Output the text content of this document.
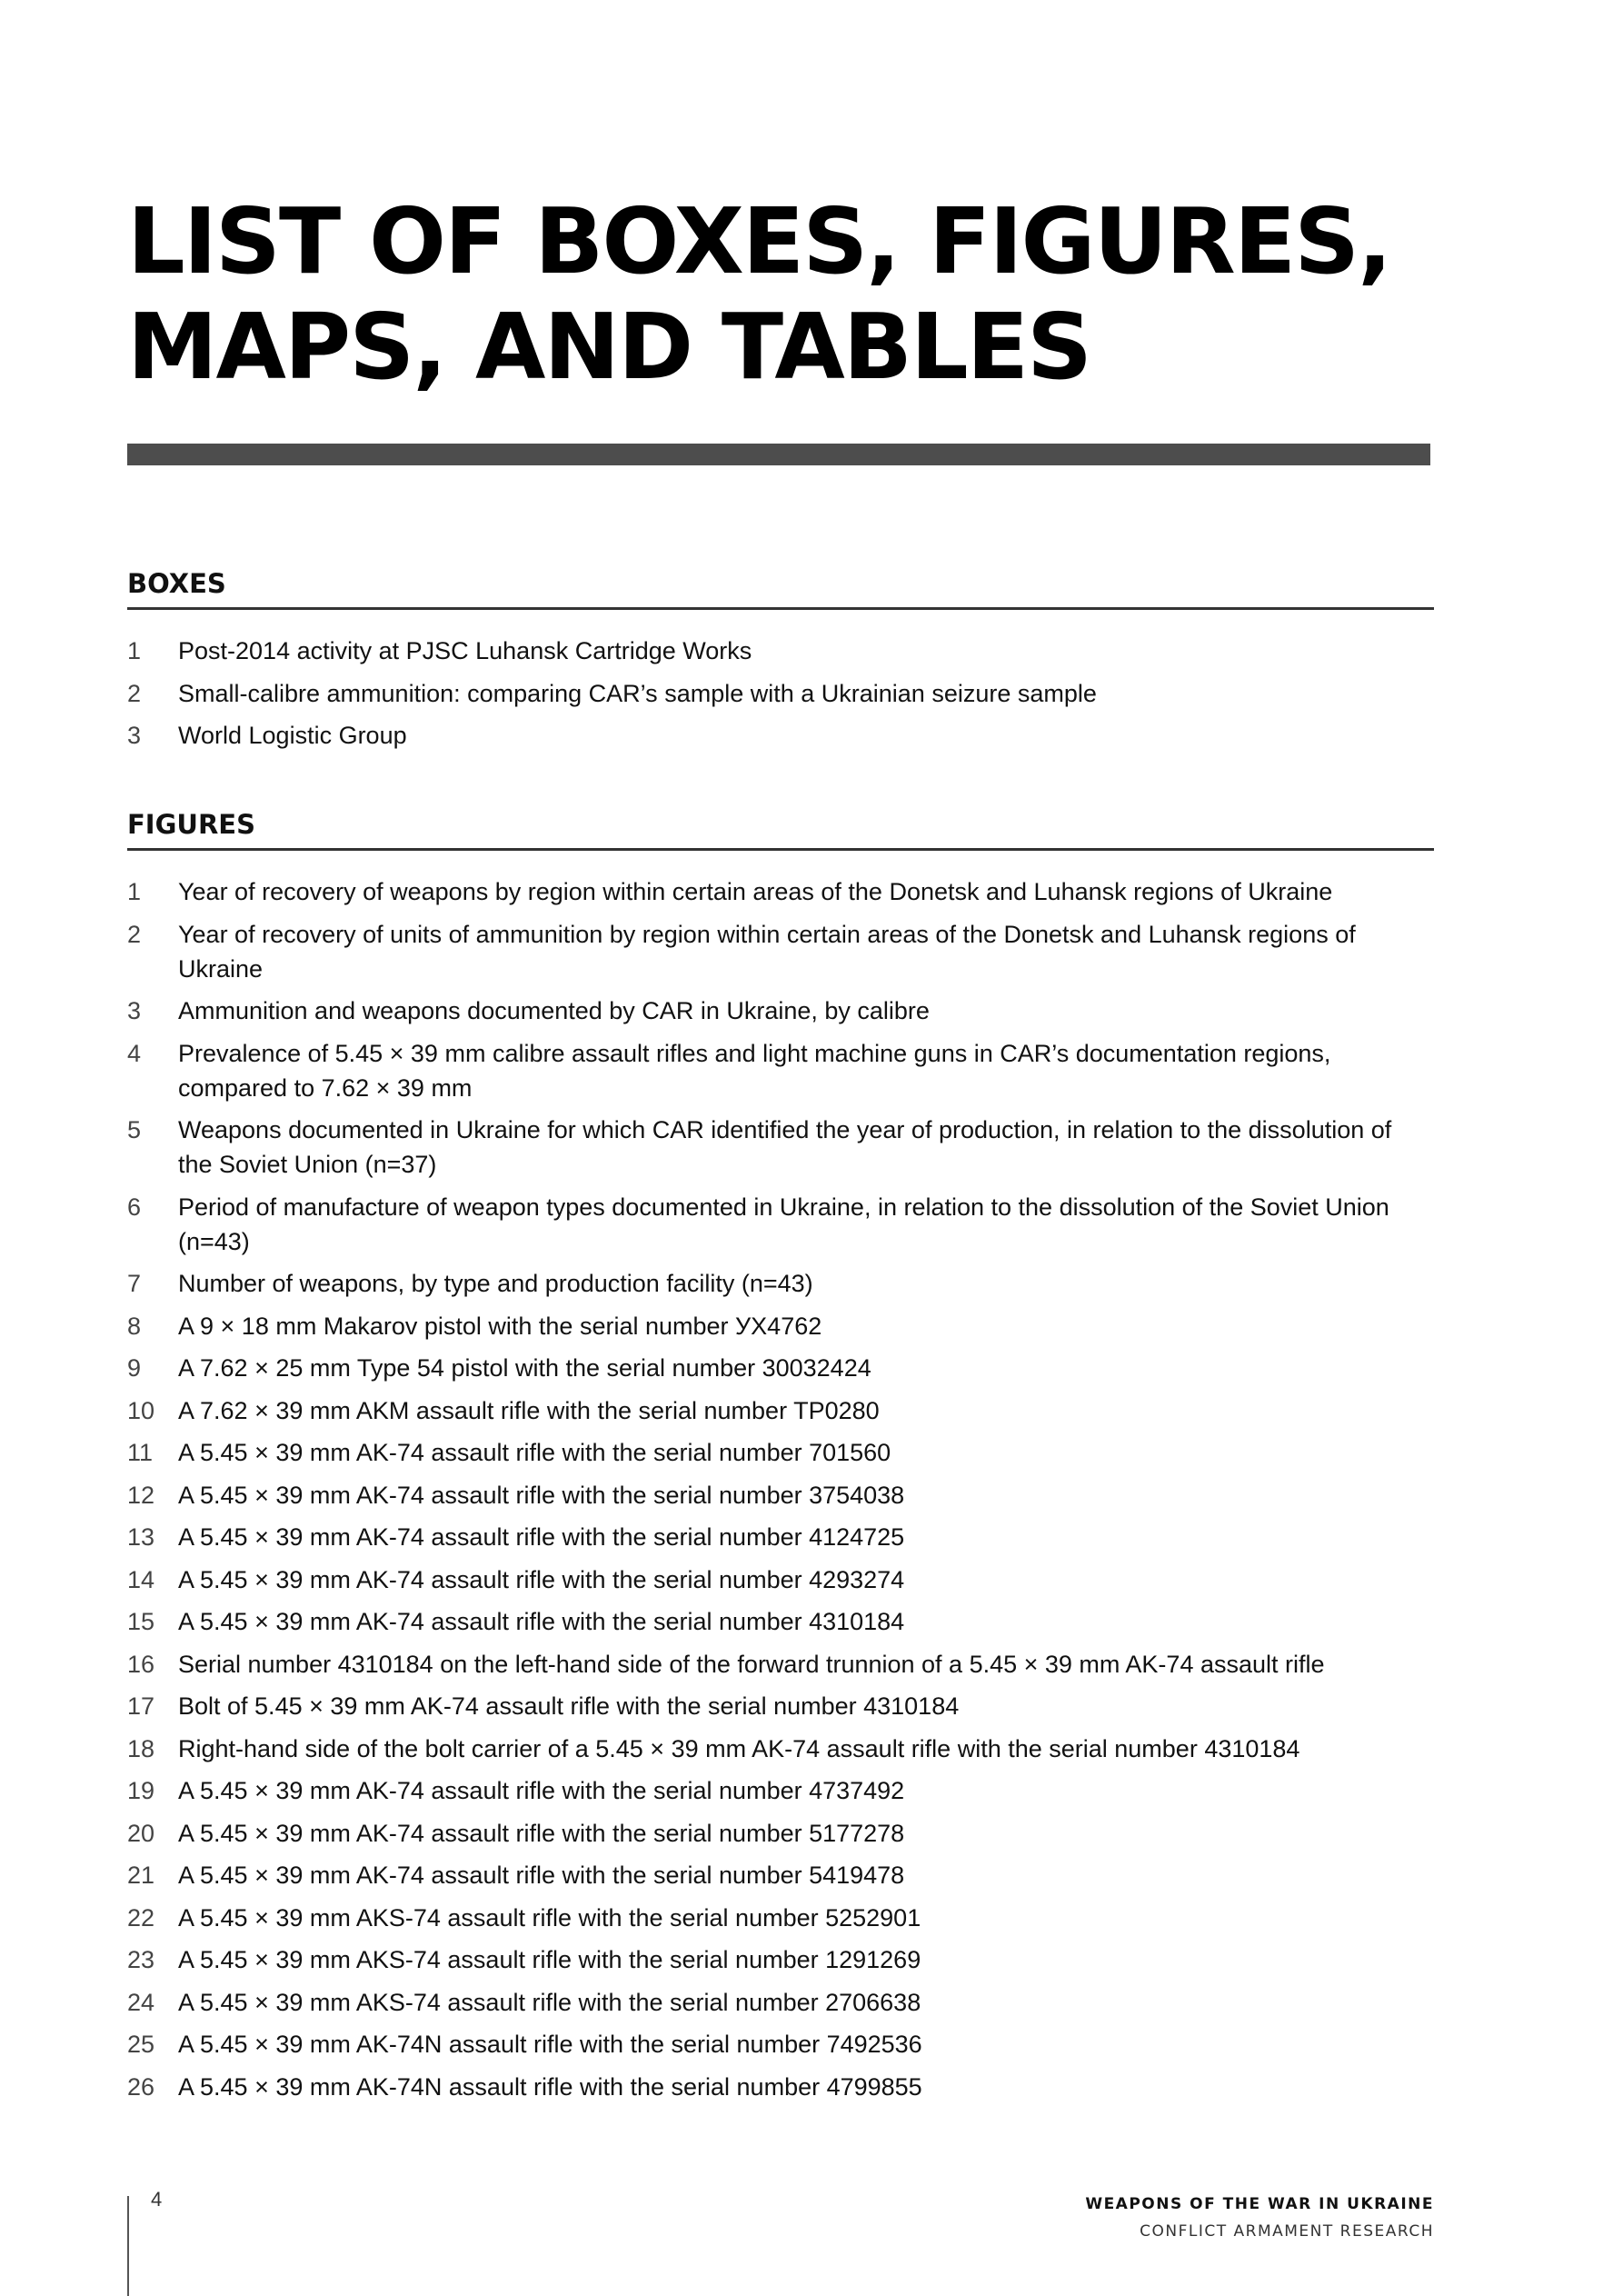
LIST OF BOXES, FIGURES,
MAPS, AND TABLES
BOXES
1	Post-2014 activity at PJSC Luhansk Cartridge Works
2	Small-calibre ammunition: comparing CAR’s sample with a Ukrainian seizure sample
3	World Logistic Group
FIGURES
1	Year of recovery of weapons by region within certain areas of the Donetsk and Luhansk regions of Ukraine
2	Year of recovery of units of ammunition by region within certain areas of the Donetsk and Luhansk regions of Ukraine
3	Ammunition and weapons documented by CAR in Ukraine, by calibre
4	Prevalence of 5.45 × 39 mm calibre assault rifles and light machine guns in CAR’s documentation regions, compared to 7.62 × 39 mm
5	Weapons documented in Ukraine for which CAR identified the year of production, in relation to the dissolution of the Soviet Union (n=37)
6	Period of manufacture of weapon types documented in Ukraine, in relation to the dissolution of the Soviet Union (n=43)
7	Number of weapons, by type and production facility (n=43)
8	A 9 × 18 mm Makarov pistol with the serial number УХ4762
9	A 7.62 × 25 mm Type 54 pistol with the serial number 30032424
10 A 7.62 × 39 mm AKM assault rifle with the serial number TP0280
11	A 5.45 × 39 mm AK-74 assault rifle with the serial number 701560
12 A 5.45 × 39 mm AK-74 assault rifle with the serial number 3754038
13 A 5.45 × 39 mm AK-74 assault rifle with the serial number 4124725
14 A 5.45 × 39 mm AK-74 assault rifle with the serial number 4293274
15 A 5.45 × 39 mm AK-74 assault rifle with the serial number 4310184
16 Serial number 4310184 on the left-hand side of the forward trunnion of a 5.45 × 39 mm AK-74 assault rifle
17 Bolt of 5.45 × 39 mm AK-74 assault rifle with the serial number 4310184
18 Right-hand side of the bolt carrier of a 5.45 × 39 mm AK-74 assault rifle with the serial number 4310184
19 A 5.45 × 39 mm AK-74 assault rifle with the serial number 4737492
20 A 5.45 × 39 mm AK-74 assault rifle with the serial number 5177278
21 A 5.45 × 39 mm AK-74 assault rifle with the serial number 5419478
22 A 5.45 × 39 mm AKS-74 assault rifle with the serial number 5252901
23 A 5.45 × 39 mm AKS-74 assault rifle with the serial number 1291269
24 A 5.45 × 39 mm AKS-74 assault rifle with the serial number 2706638
25 A 5.45 × 39 mm AK-74N assault rifle with the serial number 7492536
26 A 5.45 × 39 mm AK-74N assault rifle with the serial number 4799855
4	WEAPONS OF THE WAR IN UKRAINE
CONFLICT ARMAMENT RESEARCH
